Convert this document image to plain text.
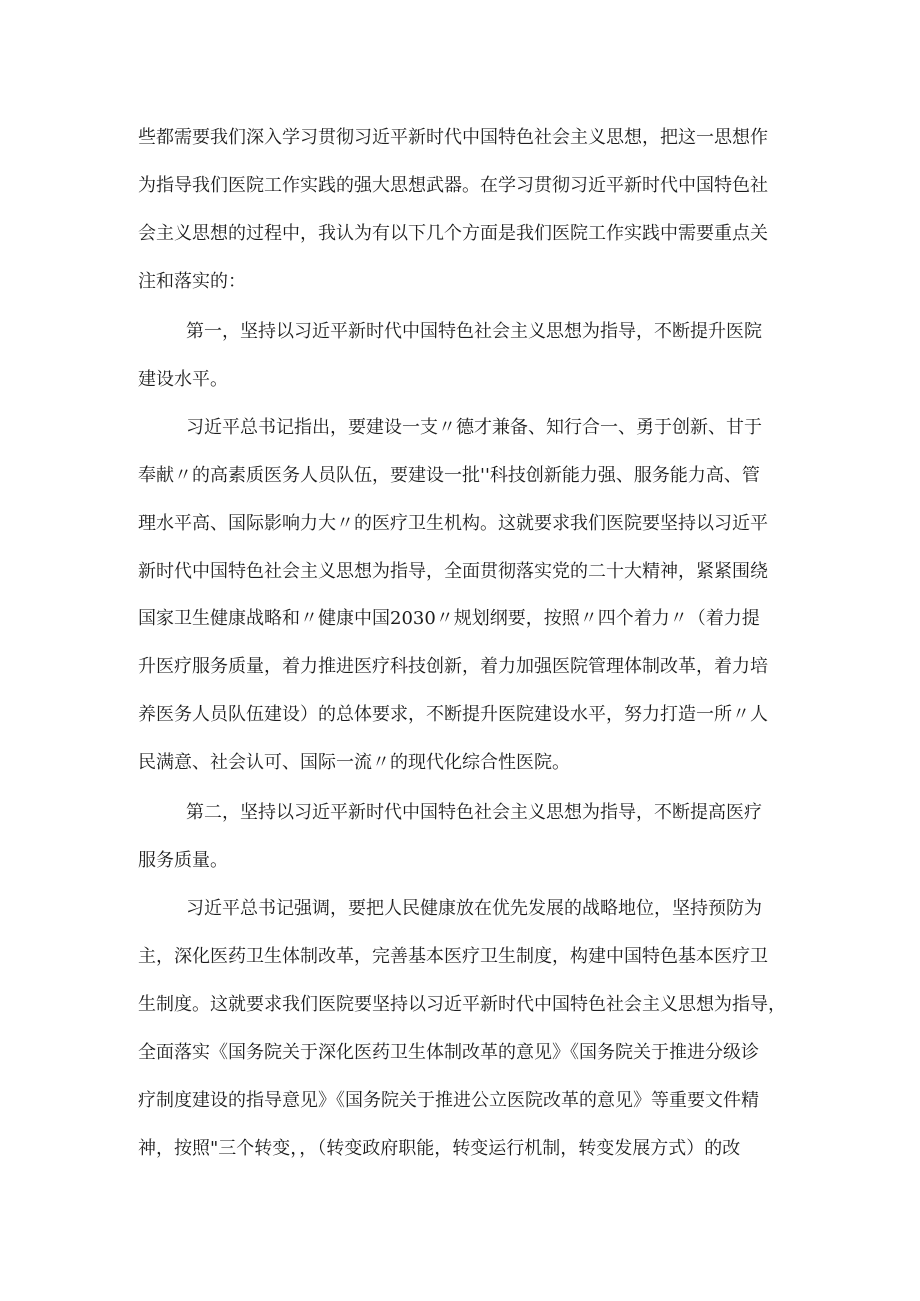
些都需要我们深入学习贯彻习近平新时代中国特色社会主义思想，把这一思想作
为指导我们医院工作实践的强大思想武器。在学习贯彻习近平新时代中国特色社
会主义思想的过程中，我认为有以下几个方面是我们医院工作实践中需要重点关
注和落实的：
第一，坚持以习近平新时代中国特色社会主义思想为指导，不断提升医院
建设水平。
习近平总书记指出，要建设一支〃德才兼备、知行合一、勇于创新、甘于
奉献〃的高素质医务人员队伍，要建设一批''科技创新能力强、服务能力高、管
理水平高、国际影响力大〃的医疗卫生机构。这就要求我们医院要坚持以习近平
新时代中国特色社会主义思想为指导，全面贯彻落实党的二十大精神，紧紧围绕
国家卫生健康战略和〃健康中国2030〃规划纲要，按照〃四个着力〃（着力提
升医疗服务质量，着力推进医疗科技创新，着力加强医院管理体制改革，着力培
养医务人员队伍建设）的总体要求，不断提升医院建设水平，努力打造一所〃人
民满意、社会认可、国际一流〃的现代化综合性医院。
第二，坚持以习近平新时代中国特色社会主义思想为指导，不断提高医疗
服务质量。
习近平总书记强调，要把人民健康放在优先发展的战略地位，坚持预防为
主，深化医药卫生体制改革，完善基本医疗卫生制度，构建中国特色基本医疗卫
生制度。这就要求我们医院要坚持以习近平新时代中国特色社会主义思想为指导，
全面落实《国务院关于深化医药卫生体制改革的意见》《国务院关于推进分级诊
疗制度建设的指导意见》《国务院关于推进公立医院改革的意见》等重要文件精
神，按照"三个转变，，（转变政府职能，转变运行机制，转变发展方式）的改
